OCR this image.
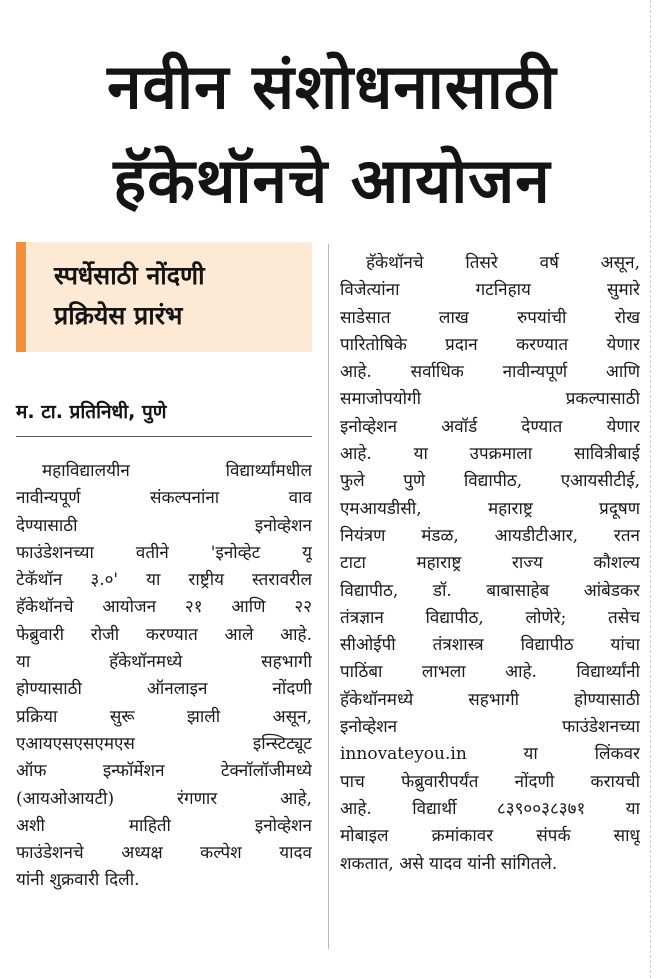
नवीन संशोधनासाठी
हॅकेथॉनचे आयोजन
स्पर्धेसाठी नोंदणी
प्रक्रियेस प्रारंभ
म. टा. प्रतिनिधी, पुणे
महाविद्यालयीन विद्यार्थ्यांमधील
नावीन्यपूर्ण संकल्पनांना वाव
देण्यासाठी इनोव्हेशन
फाउंडेशनच्या वतीने 'इनोव्हेट यू
टेकॅथॉन ३.०' या राष्ट्रीय स्तरावरील
हॅकेथॉनचे आयोजन २१ आणि २२
फेब्रुवारी रोजी करण्यात आले आहे.
या हॅकेथॉनमध्ये सहभागी
होण्यासाठी ऑनलाइन नोंदणी
प्रक्रिया सुरू झाली असून,
एआयएसएसएमएस इन्स्टिट्यूट
ऑफ इन्फॉर्मेशन टेक्नॉलॉजीमध्ये
(आयओआयटी) रंगणार आहे,
अशी माहिती इनोव्हेशन
फाउंडेशनचे अध्यक्ष कल्पेश यादव
यांनी शुक्रवारी दिली.
हॅकेथॉनचे तिसरे वर्ष असून,
विजेत्यांना गटनिहाय सुमारे
साडेसात लाख रुपयांची रोख
पारितोषिके प्रदान करण्यात येणार
आहे. सर्वाधिक नावीन्यपूर्ण आणि
समाजोपयोगी प्रकल्पासाठी
इनोव्हेशन अवॉर्ड देण्यात येणार
आहे. या उपक्रमाला सावित्रीबाई
फुले पुणे विद्यापीठ, एआयसीटीई,
एमआयडीसी, महाराष्ट्र प्रदूषण
नियंत्रण मंडळ, आयडीटीआर, रतन
टाटा महाराष्ट्र राज्य कौशल्य
विद्यापीठ, डॉ. बाबासाहेब आंबेडकर
तंत्रज्ञान विद्यापीठ, लोणेरे; तसेच
सीओईपी तंत्रशास्त्र विद्यापीठ यांचा
पाठिंबा लाभला आहे. विद्यार्थ्यांनी
हॅकेथॉनमध्ये सहभागी होण्यासाठी
इनोव्हेशन फाउंडेशनच्या
innovateyou.in या लिंकवर
पाच फेब्रुवारीपर्यंत नोंदणी करायची
आहे. विद्यार्थी ८३९००३८३७१ या
मोबाइल क्रमांकावर संपर्क साधू
शकतात, असे यादव यांनी सांगितले.
